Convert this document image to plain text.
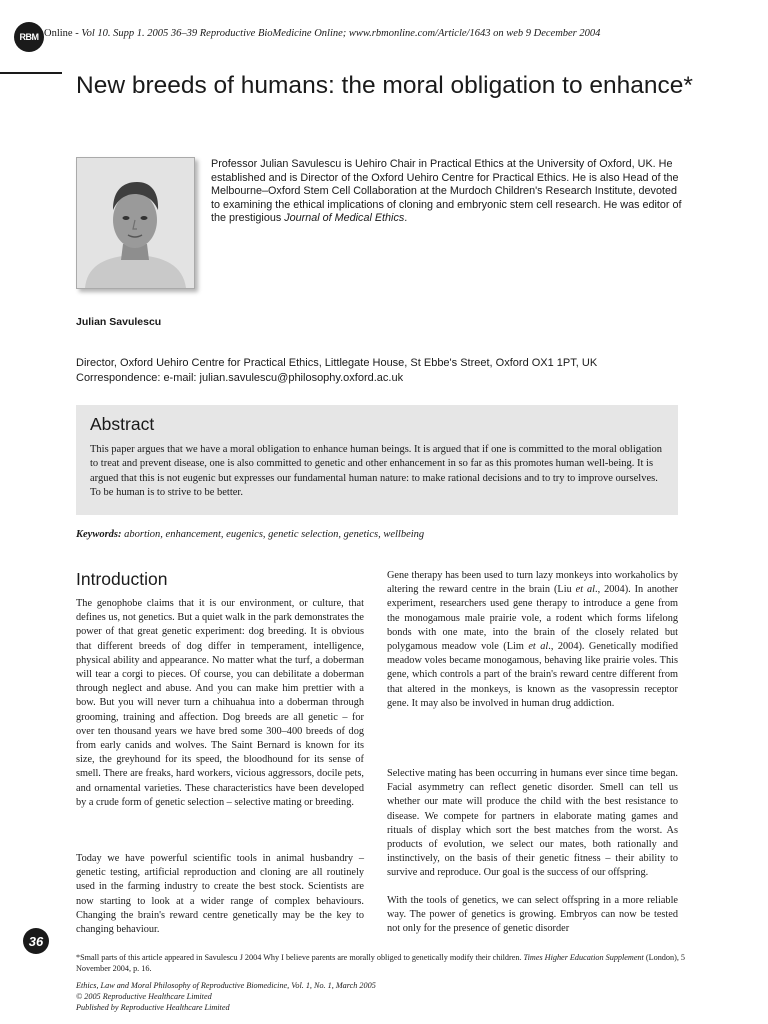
RBM Online - Vol 10. Supp 1. 2005 36–39 Reproductive BioMedicine Online; www.rbmonline.com/Article/1643 on web 9 December 2004
New breeds of humans: the moral obligation to enhance*

Professor Julian Savulescu is Uehiro Chair in Practical Ethics at the University of Oxford, UK. He established and is Director of the Oxford Uehiro Centre for Practical Ethics. He is also Head of the Melbourne–Oxford Stem Cell Collaboration at the Murdoch Children's Research Institute, devoted to examining the ethical implications of cloning and embryonic stem cell research. He was editor of the prestigious Journal of Medical Ethics.

Julian Savulescu

Director, Oxford Uehiro Centre for Practical Ethics, Littlegate House, St Ebbe's Street, Oxford OX1 1PT, UK
Correspondence: e-mail: julian.savulescu@philosophy.oxford.ac.uk

Abstract

This paper argues that we have a moral obligation to enhance human beings. It is argued that if one is committed to the moral obligation to treat and prevent disease, one is also committed to genetic and other enhancement in so far as this promotes human well-being. It is argued that this is not eugenic but expresses our fundamental human nature: to make rational decisions and to try to improve ourselves. To be human is to strive to be better.

Keywords: abortion, enhancement, eugenics, genetic selection, genetics, wellbeing
Introduction

The genophobe claims that it is our environment, or culture, that defines us, not genetics. But a quiet walk in the park demonstrates the power of that great genetic experiment: dog breeding. It is obvious that different breeds of dog differ in temperament, intelligence, physical ability and appearance. No matter what the turf, a doberman will tear a corgi to pieces. Of course, you can debilitate a doberman through neglect and abuse. And you can make him prettier with a bow. But you will never turn a chihuahua into a doberman through grooming, training and affection. Dog breeds are all genetic – for over ten thousand years we have bred some 300–400 breeds of dog from early canids and wolves. The Saint Bernard is known for its size, the greyhound for its speed, the bloodhound for its sense of smell. There are freaks, hard workers, vicious aggressors, docile pets, and ornamental varieties. These characteristics have been developed by a crude form of genetic selection – selective mating or breeding.

Today we have powerful scientific tools in animal husbandry – genetic testing, artificial reproduction and cloning are all routinely used in the farming industry to create the best stock. Scientists are now starting to look at a wider range of complex behaviours. Changing the brain's reward centre genetically may be the key to changing behaviour.

Gene therapy has been used to turn lazy monkeys into workaholics by altering the reward centre in the brain (Liu et al., 2004). In another experiment, researchers used gene therapy to introduce a gene from the monogamous male prairie vole, a rodent which forms lifelong bonds with one mate, into the brain of the closely related but polygamous meadow vole (Lim et al., 2004). Genetically modified meadow voles became monogamous, behaving like prairie voles. This gene, which controls a part of the brain's reward centre different from that altered in the monkeys, is known as the vasopressin receptor gene. It may also be involved in human drug addiction.

Selective mating has been occurring in humans ever since time began. Facial asymmetry can reflect genetic disorder. Smell can tell us whether our mate will produce the child with the best resistance to disease. We compete for partners in elaborate mating games and rituals of display which sort the best matches from the worst. As products of evolution, we select our mates, both rationally and instinctively, on the basis of their genetic fitness – their ability to survive and reproduce. Our goal is the success of our offspring.

With the tools of genetics, we can select offspring in a more reliable way. The power of genetics is growing. Embryos can now be tested not only for the presence of genetic disorder

36

*Small parts of this article appeared in Savulescu J 2004 Why I believe parents are morally obliged to genetically modify their children. Times Higher Education Supplement (London), 5 November 2004, p. 16.

Ethics, Law and Moral Philosophy of Reproductive Biomedicine, Vol. 1, No. 1, March 2005
© 2005 Reproductive Healthcare Limited
Published by Reproductive Healthcare Limited
